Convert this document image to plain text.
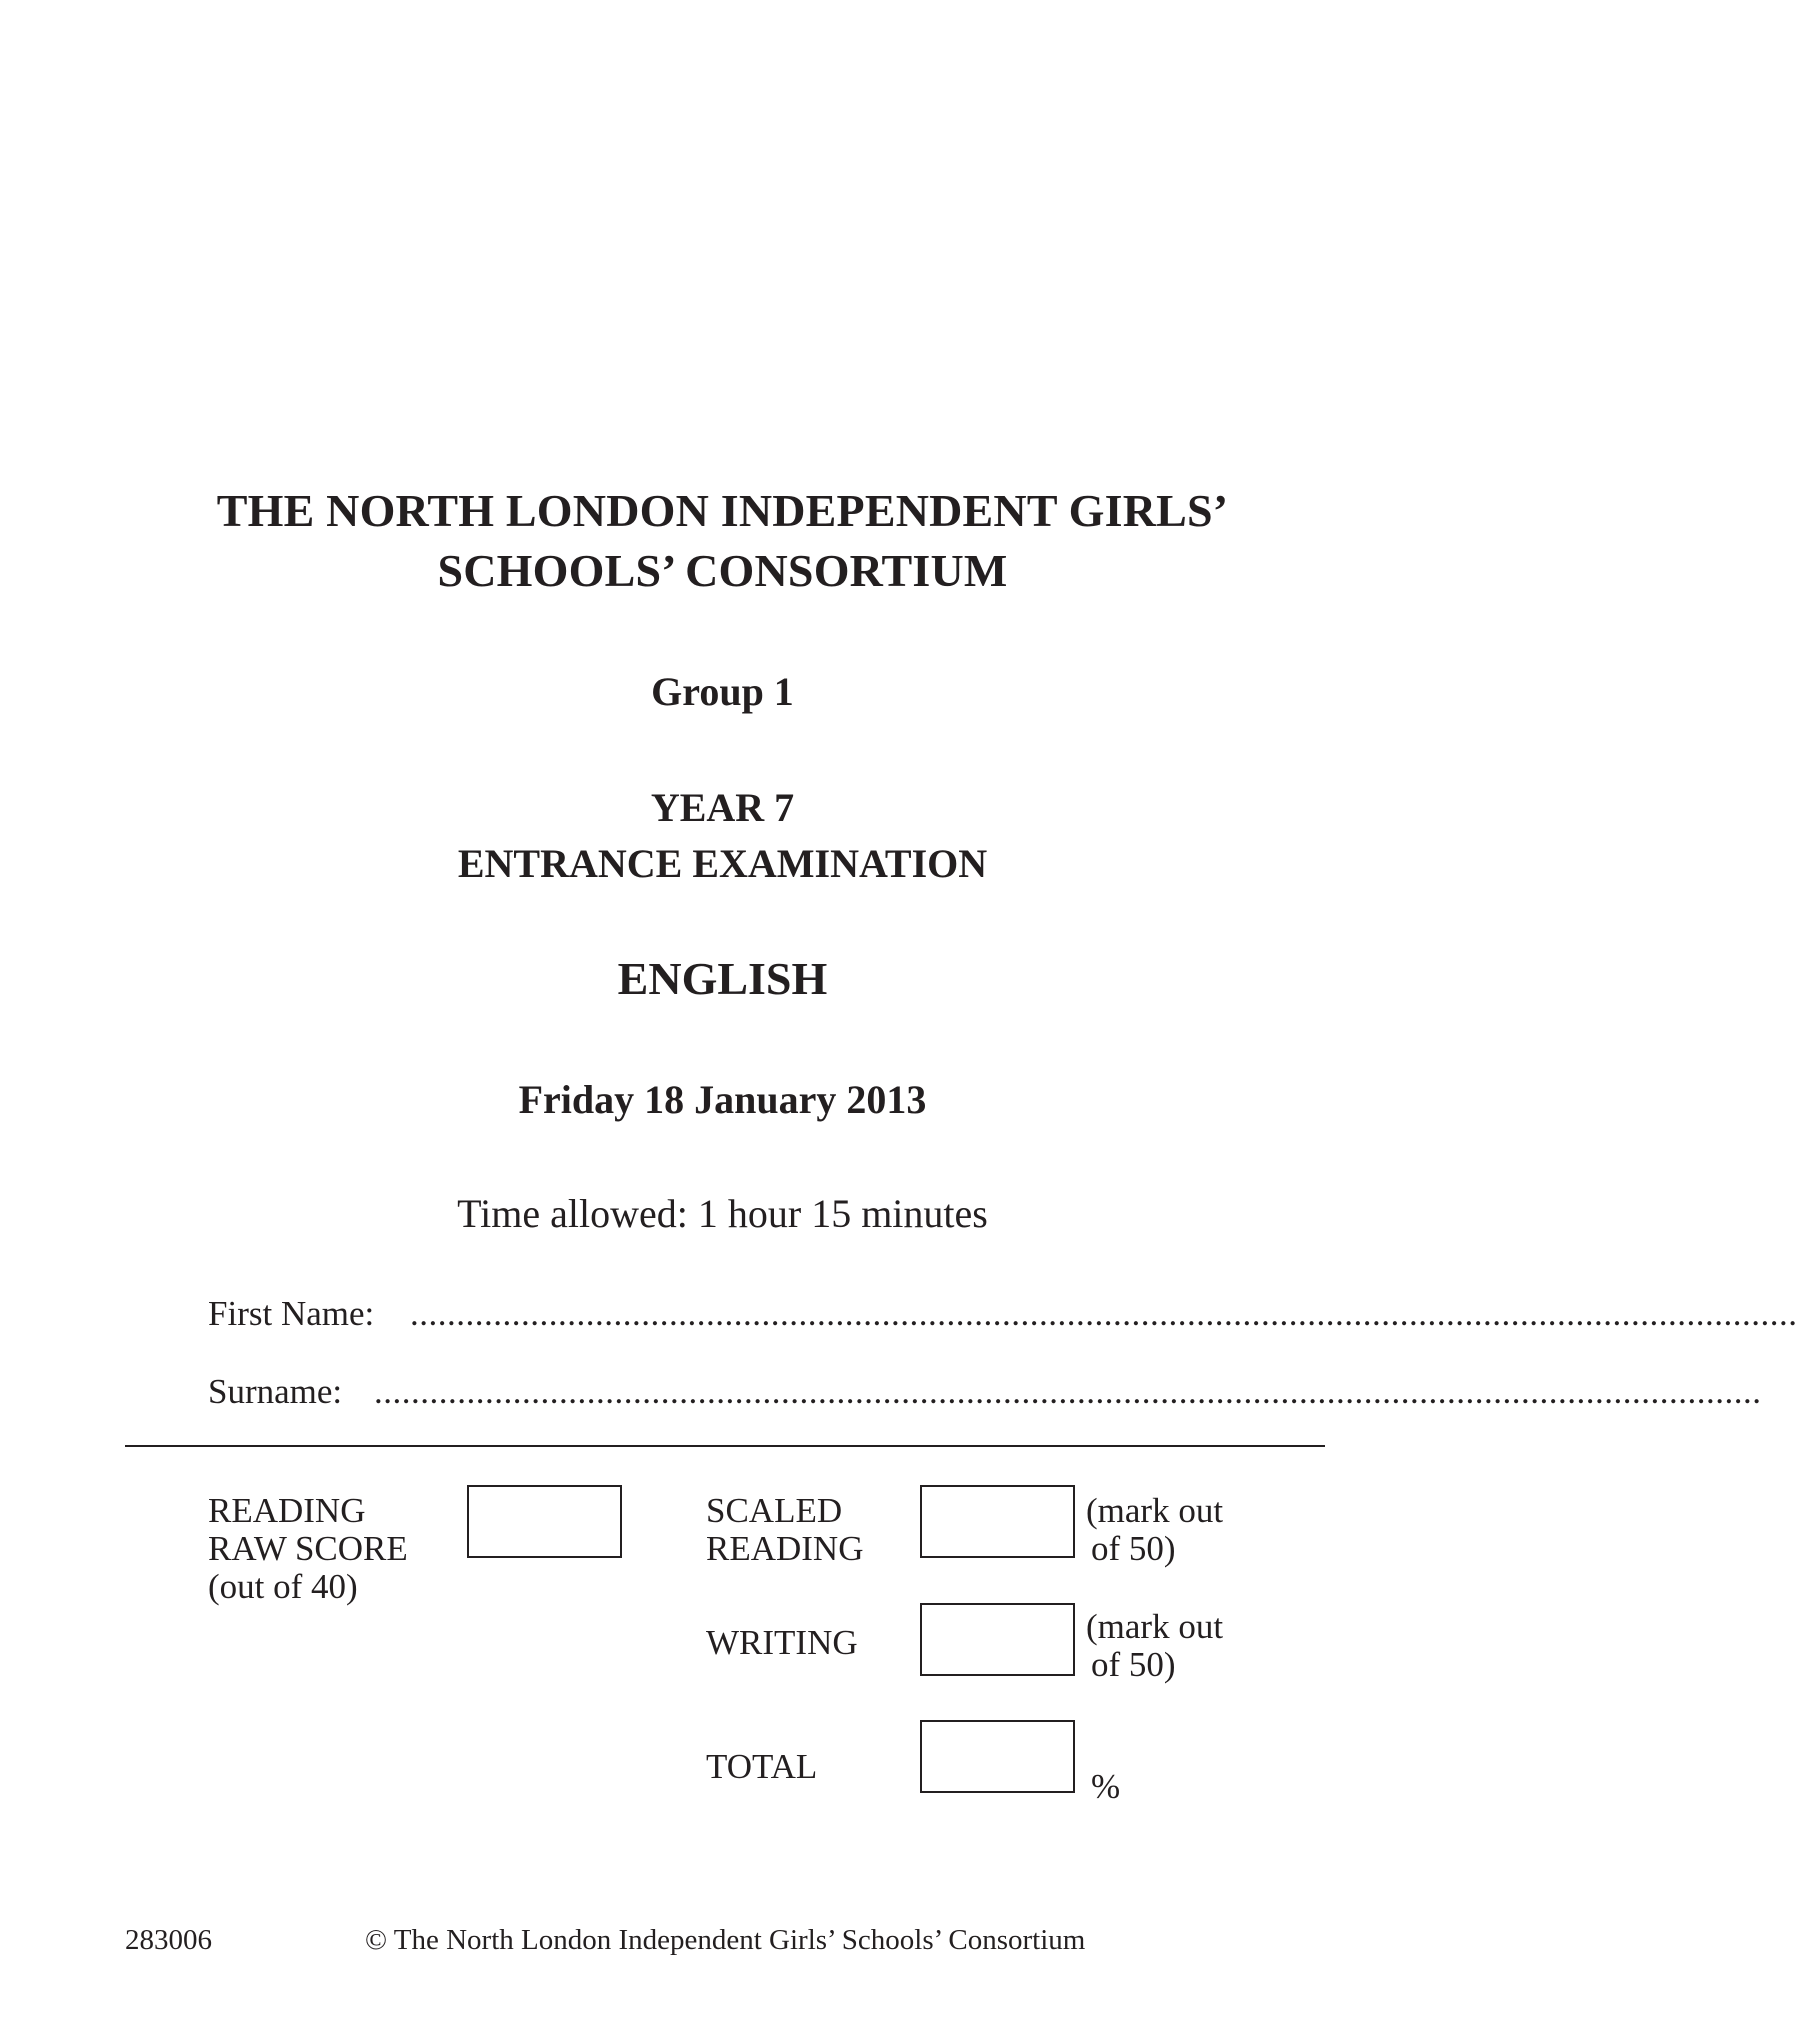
THE NORTH LONDON INDEPENDENT GIRLS’
SCHOOLS’ CONSORTIUM
Group 1
YEAR 7
ENTRANCE EXAMINATION
ENGLISH
Friday 18 January 2013
Time allowed: 1 hour 15 minutes
First Name: ......................................................................................................................................................
Surname: ......................................................................................................................................................
READING
RAW SCORE
(out of 40)
SCALED
READING
(mark out
of 50)
WRITING	(mark out
of 50)
TOTAL
%
283006	© The North London Independent Girls’ Schools’ Consortium
